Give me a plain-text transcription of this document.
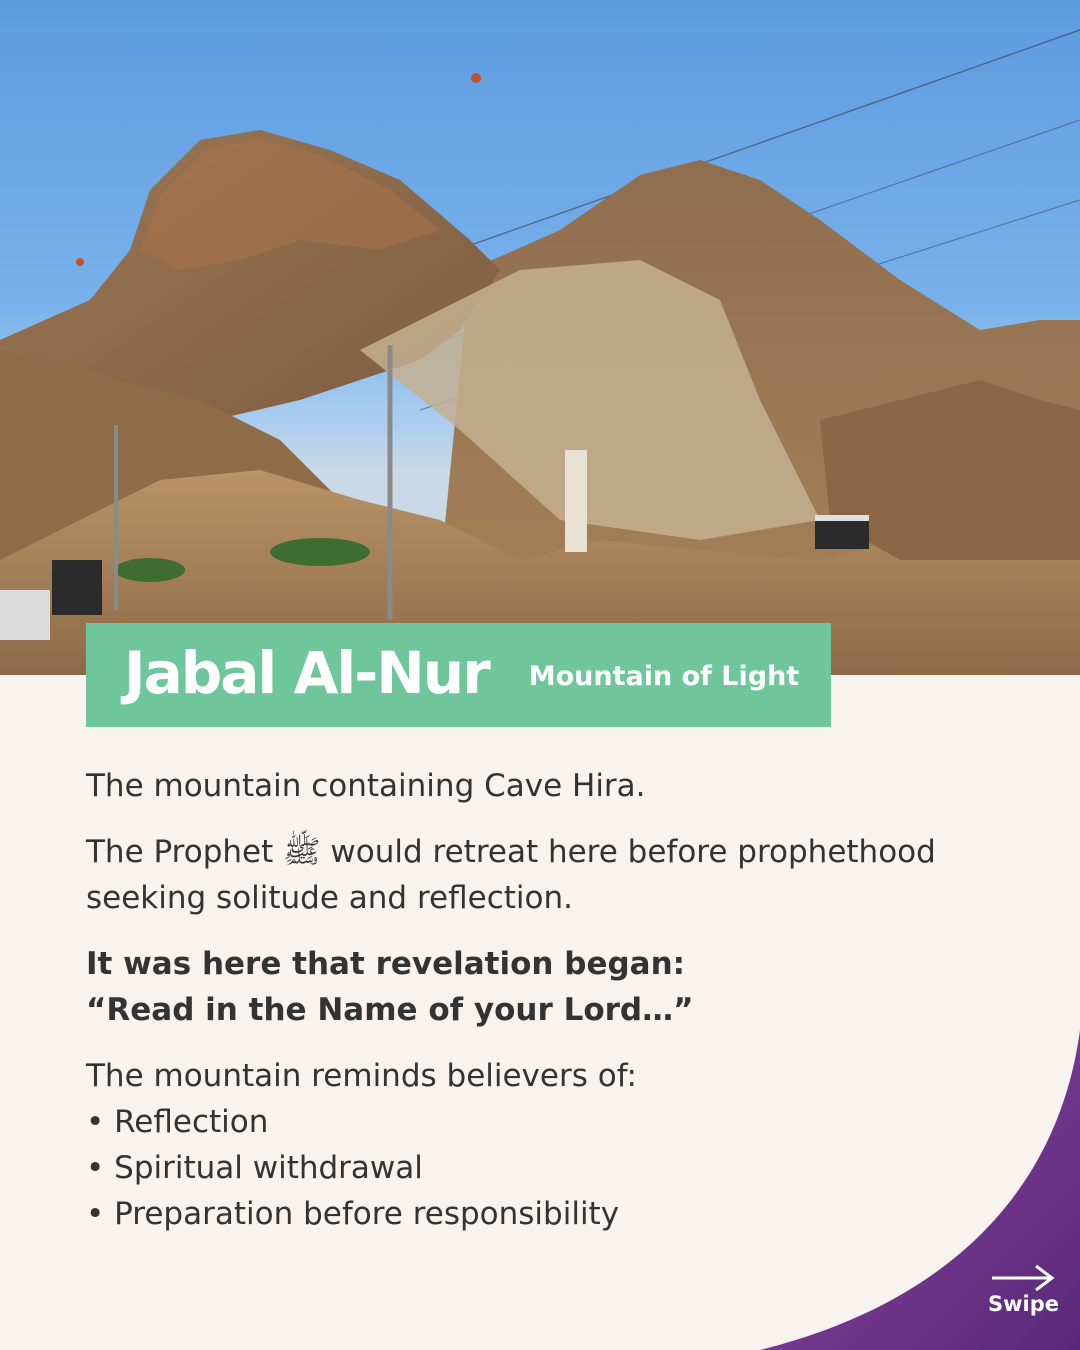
Jabal Al-Nur Mountain of Light

The mountain containing Cave Hira.

The Prophet ﷺ would retreat here before prophethood seeking solitude and reflection.

It was here that revelation began:
“Read in the Name of your Lord…”

The mountain reminds believers of:

• Reflection
• Spiritual withdrawal
• Preparation before responsibility
Swipe
